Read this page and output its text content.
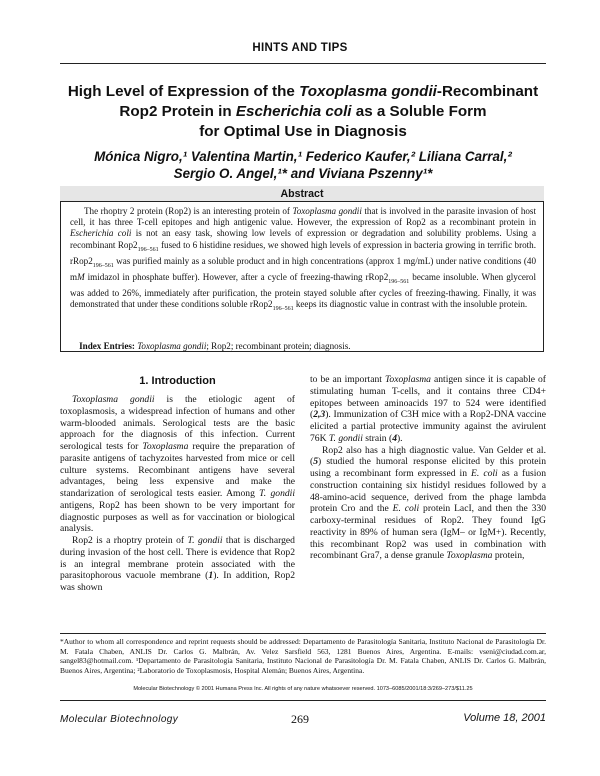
HINTS AND TIPS
High Level of Expression of the Toxoplasma gondii-Recombinant
Rop2 Protein in Escherichia coli as a Soluble Form
for Optimal Use in Diagnosis
Mónica Nigro,¹ Valentina Martin,¹ Federico Kaufer,² Liliana Carral,²
Sergio O. Angel,¹* and Viviana Pszenny¹*
Abstract
The rhoptry 2 protein (Rop2) is an interesting protein of Toxoplasma gondii that is involved in the parasite invasion of host cell, it has three T-cell epitopes and high antigenic value. However, the expression of Rop2 as a recombinant protein in Escherichia coli is not an easy task, showing low levels of expression or degradation and solubility problems. Using a recombinant $Rop2_{196-561}$ fused to 6 histidine residues, we showed high levels of expression in bacteria growing in terrific broth. $rRop2_{196-561}$ was purified mainly as a soluble product and in high concentrations (approx 1 mg/mL) under native conditions (40 mM imidazol in phosphate buffer). However, after a cycle of freezing-thawing $rRop2_{196-561}$ became insoluble. When glycerol was added to 26%, immediately after purification, the protein stayed soluble after cycles of freezing-thawing. Finally, it was demonstrated that under these conditions soluble $rRop2_{196-561}$ keeps its diagnostic value in contrast with the insoluble protein.
 Index Entries: Toxoplasma gondii; Rop2; recombinant protein; diagnosis.
1. Introduction

Toxoplasma gondii is the etiologic agent of toxoplasmosis, a widespread infection of humans and other warm-blooded animals. Serological tests are the basic approach for the diagnosis of this infection. Current serological tests for Toxoplasma require the preparation of parasite antigens of tachyzoites harvested from mice or cell culture systems. Recombinant antigens have several advantages, being less expensive and make the standarization of serological tests easier. Among T. gondii antigens, Rop2 has been shown to be very important for diagnostic purposes as well as for vaccination or biological analysis.

Rop2 is a rhoptry protein of T. gondii that is discharged during invasion of the host cell. There is evidence that Rop2 is an integral membrane protein associated with the parasitophorous vacuole membrane (1). In addition, Rop2 was shown

to be an important Toxoplasma antigen since it is capable of stimulating human T-cells, and it contains three CD4+ epitopes between aminoacids 197 to 524 were identified (2,3). Immunization of C3H mice with a Rop2-DNA vaccine elicited a partial protective immunity against the avirulent 76K T. gondii strain (4).

Rop2 also has a high diagnostic value. Van Gelder et al. (5) studied the humoral response elicited by this protein using a recombinant form expressed in E. coli as a fusion construction containing six histidyl residues followed by a 48-amino-acid sequence, derived from the phage lambda protein Cro and the E. coli protein LacI, and then the 330 carboxy-terminal residues of Rop2. They found IgG reactivity in 89% of human sera (IgM– or IgM+). Recently, this recombinant Rop2 was used in combination with recombinant Gra7, a dense granule Toxoplasma protein,

*Author to whom all correspondence and reprint requests should be addressed: Departamento de Parasitología Sanitaria, Instituto Nacional de Parasitología Dr. M. Fatala Chaben, ANLIS Dr. Carlos G. Malbrán, Av. Velez Sarsfield 563, 1281 Buenos Aires, Argentina. E-mails: vseni@ciudad.com.ar, sangel83@hotmail.com. ¹Departamento de Parasitología Sanitaria, Instituto Nacional de Parasitología Dr. M. Fatala Chaben, ANLIS Dr. Carlos G. Malbrán, Buenos Aires, Argentina; ²Laboratorio de Toxoplasmosis, Hospital Alemán; Buenos Aires, Argentina.
Molecular Biotechnology © 2001 Humana Press Inc. All rights of any nature whatsoever reserved. 1073–6085/2001/18:3/269–273/$11.25
Molecular Biotechnology	269	Volume 18, 2001
